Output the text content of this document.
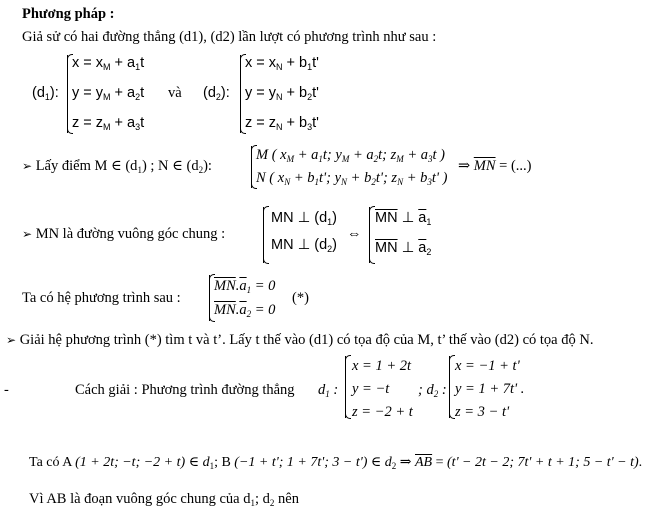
Phương pháp :
Giả sử có hai đường thẳng (d1), (d2) lần lượt có phương trình như sau :
$(d_1)$:
$x = x_M + a_1t$
$y = y_M + a_2t$
$z = z_M + a_3t$
và $(d_2)$:
$x = x_N + b_1t'$
$y = y_N + b_2t'$
$z = z_N + b_3t'$
➢ Lấy điểm M ∈ $(d_1)$ ; N ∈ $(d_2)$:
M ( $x_M + a_1t$; $y_M + a_2t$; $z_M + a_3t$ )
N ( $x_N + b_1t'$; $y_N + b_2t'$; $z_N + b_3t'$ )
⇒ $\overline{MN}$ = (...)
➢ MN là đường vuông góc chung :
MN ⊥ $(d_1)$
MN ⊥ $(d_2)$
⇔
$\overline{MN}$ ⊥ $\overline{a}_1$
$\overline{MN}$ ⊥ $\overline{a}_2$
Ta có hệ phương trình sau :
$\overline{MN}.\overline{a}_1 = 0$
$\overline{MN}.\overline{a}_2 = 0$
(*)
➢ Giải hệ phương trình (*) tìm t và t’. Lấy t thế vào (d1) có tọa độ của M, t’ thế vào (d2) có tọa độ N.
-	Cách giải : Phương trình đường thẳng $d_1$ :
x = 1 + 2t
y = −t
z = −2 + t
; $d_2$ :
x = −1 + t'
y = 1 + 7t' .
z = 3 − t'
Ta có A (1 + 2t; −t; −2 + t) ∈ $d_1$; B (−1 + t'; 1 + 7t'; 3 − t') ∈ $d_2$ ⇒ $\overline{AB} = (t' - 2t - 2$; 7t' + t + 1; 5 − t' − t).
Vì AB là đoạn vuông góc chung của $d_1$; $d_2$ nên
